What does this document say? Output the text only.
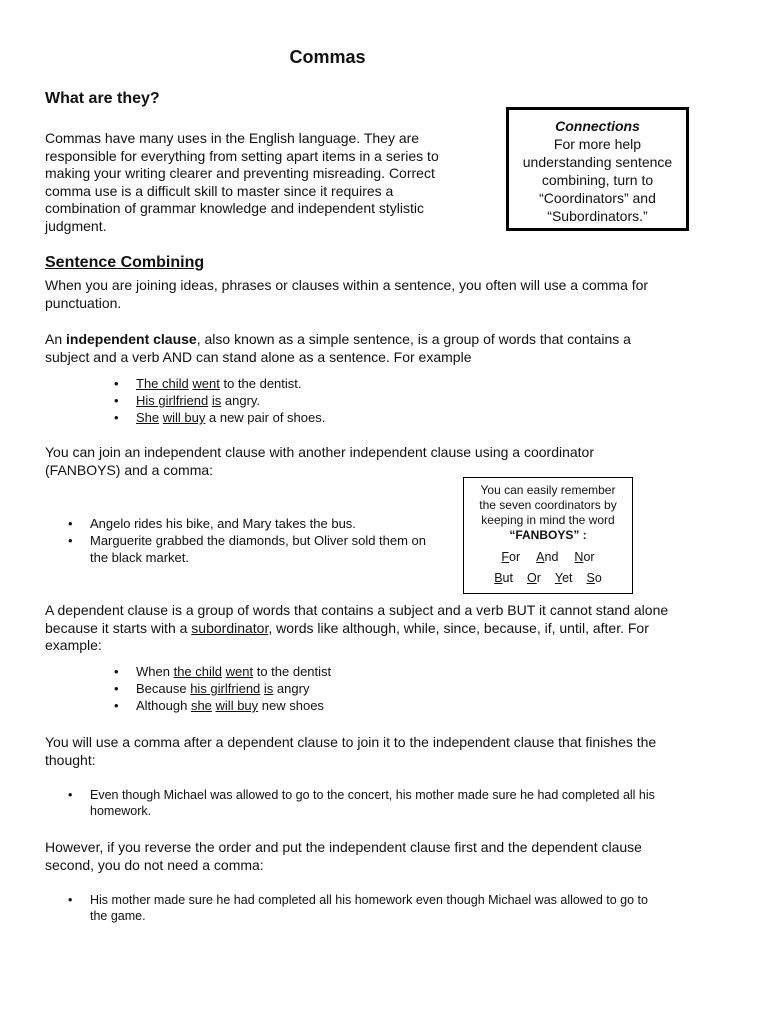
Commas
What are they?
Commas have many uses in the English language. They are
responsible for everything from setting apart items in a series to
making your writing clearer and preventing misreading. Correct
comma use is a difficult skill to master since it requires a
combination of grammar knowledge and independent stylistic
judgment.
Connections
For more help
understanding sentence
combining, turn to
“Coordinators” and
“Subordinators.”
Sentence Combining
When you are joining ideas, phrases or clauses within a sentence, you often will use a comma for
punctuation.
An independent clause, also known as a simple sentence, is a group of words that contains a
subject and a verb AND can stand alone as a sentence. For example
• The child went to the dentist.
• His girlfriend is angry.
• She will buy a new pair of shoes.
You can join an independent clause with another independent clause using a coordinator
(FANBOYS) and a comma:
• Angelo rides his bike, and Mary takes the bus.
• Marguerite grabbed the diamonds, but Oliver sold them on
the black market.
You can easily remember
the seven coordinators by
keeping in mind the word
“FANBOYS” :
For And Nor
But Or Yet So
A dependent clause is a group of words that contains a subject and a verb BUT it cannot stand alone
because it starts with a subordinator, words like although, while, since, because, if, until, after. For
example:
• When the child went to the dentist
• Because his girlfriend is angry
• Although she will buy new shoes
You will use a comma after a dependent clause to join it to the independent clause that finishes the
thought:
• Even though Michael was allowed to go to the concert, his mother made sure he had completed all his
homework.
However, if you reverse the order and put the independent clause first and the dependent clause
second, you do not need a comma:
• His mother made sure he had completed all his homework even though Michael was allowed to go to
the game.
